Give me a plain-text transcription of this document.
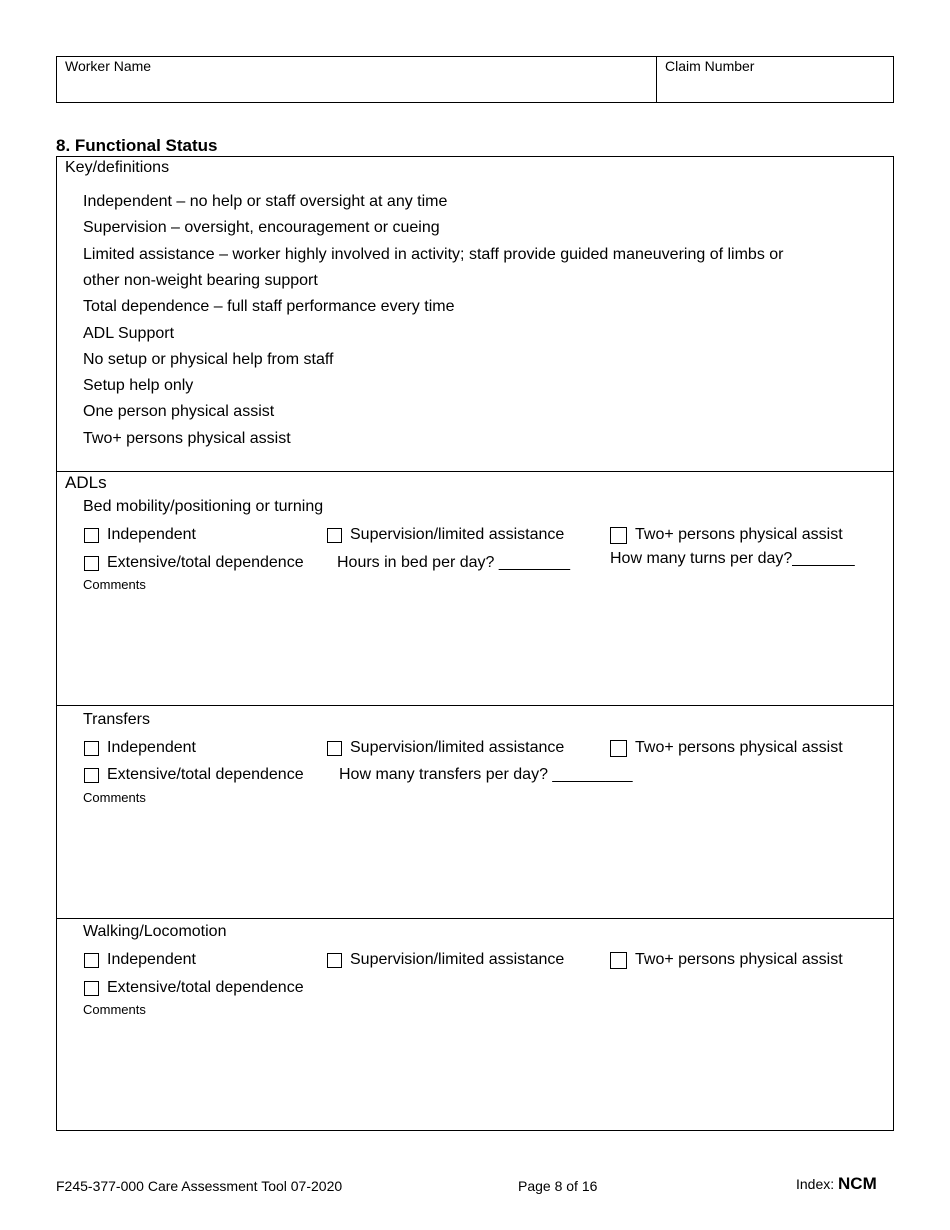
Worker Name	Claim Number
8. Functional Status
Key/definitions
Independent – no help or staff oversight at any time
Supervision – oversight, encouragement or cueing
Limited assistance – worker highly involved in activity; staff provide guided maneuvering of limbs or
other non-weight bearing support
Total dependence – full staff performance every time
ADL Support
No setup or physical help from staff
Setup help only
One person physical assist
Two+ persons physical assist
ADLs
Bed mobility/positioning or turning
Independent	Supervision/limited assistance	Two+ persons physical assist
Extensive/total dependence Hours in bed per day? ________ How many turns per day?_______
Comments
Transfers
Independent	Supervision/limited assistance	Two+ persons physical assist
Extensive/total dependence How many transfers per day? _________
Comments
Walking/Locomotion
Independent	Supervision/limited assistance	Two+ persons physical assist
Extensive/total dependence
Comments
F245-377-000 Care Assessment Tool 07-2020	Page 8 of 16	Index: NCM
